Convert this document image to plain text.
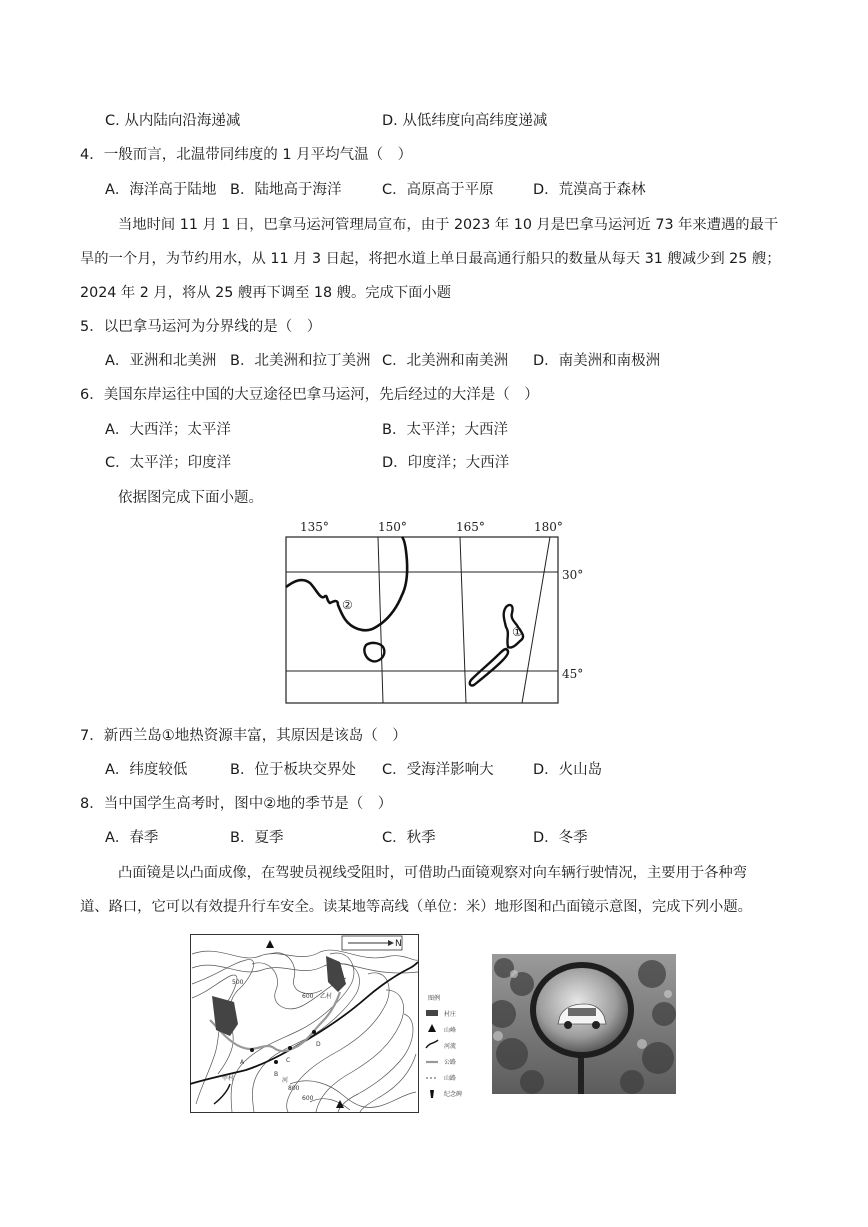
C. 从内陆向沿海递减	D. 从低纬度向高纬度递减
4．一般而言，北温带同纬度的 1 月平均气温（　）
A．海洋高于陆地 B．陆地高于海洋	C．高原高于平原	D．荒漠高于森林
当地时间 11 月 1 日，巴拿马运河管理局宣布，由于 2023 年 10 月是巴拿马运河近 73 年来遭遇的最干
旱的一个月，为节约用水，从 11 月 3 日起，将把水道上单日最高通行船只的数量从每天 31 艘减少到 25 艘；
2024 年 2 月，将从 25 艘再下调至 18 艘。完成下面小题
5．以巴拿马运河为分界线的是（　）
A．亚洲和北美洲 B．北美洲和拉丁美洲 C．北美洲和南美洲 D．南美洲和南极洲
6．美国东岸运往中国的大豆途径巴拿马运河，先后经过的大洋是（　）
A．大西洋；太平洋	B．太平洋；大西洋
C．太平洋；印度洋	D．印度洋；大西洋
依据图完成下面小题。
135°	150°	165°	180°
30°
45°
①
②
7．新西兰岛①地热资源丰富，其原因是该岛（　）
A．纬度较低	B．位于板块交界处 C．受海洋影响大	D．火山岛
8．当中国学生高考时，图中②地的季节是（　）
A．春季	B．夏季	C．秋季	D．冬季
凸面镜是以凸面成像，在驾驶员视线受阻时，可借助凸面镜观察对向车辆行驶情况，主要用于各种弯
道、路口，它可以有效提升行车安全。读某地等高线（单位：米）地形图和凸面镜示意图，完成下列小题。
N
A
B
C
D
甲村
乙村
河
500
600
600
800
图例
村庄
山峰
河流
公路
山路
纪念碑
